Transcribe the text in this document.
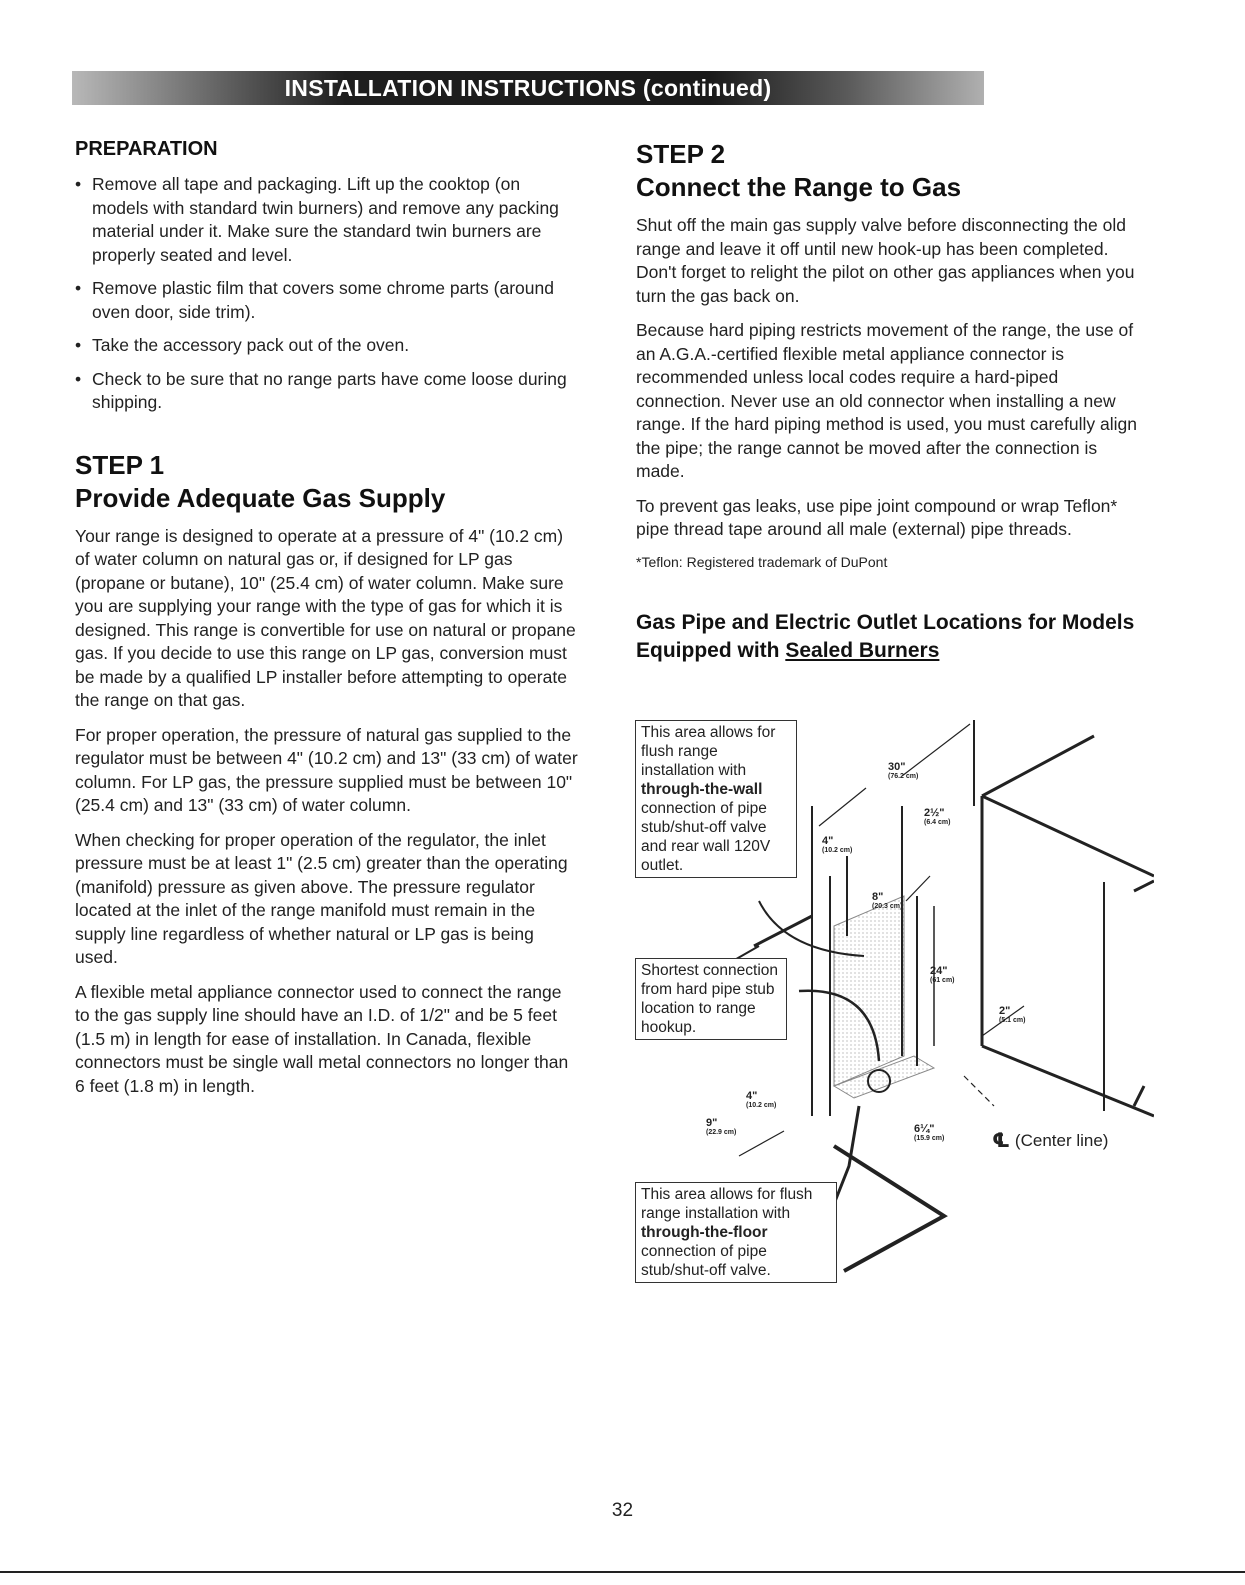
INSTALLATION INSTRUCTIONS (continued)
PREPARATION
• Remove all tape and packaging. Lift up the cooktop (on models with standard twin burners) and remove any packing material under it. Make sure the standard twin burners are properly seated and level.
• Remove plastic film that covers some chrome parts (around oven door, side trim).
• Take the accessory pack out of the oven.
• Check to be sure that no range parts have come loose during shipping.
STEP 1
Provide Adequate Gas Supply

Your range is designed to operate at a pressure of 4" (10.2 cm) of water column on natural gas or, if designed for LP gas (propane or butane), 10" (25.4 cm) of water column. Make sure you are supplying your range with the type of gas for which it is designed. This range is convertible for use on natural or propane gas. If you decide to use this range on LP gas, conversion must be made by a qualified LP installer before attempting to operate the range on that gas.

For proper operation, the pressure of natural gas supplied to the regulator must be between 4" (10.2 cm) and 13" (33 cm) of water column. For LP gas, the pressure supplied must be between 10" (25.4 cm) and 13" (33 cm) of water column.

When checking for proper operation of the regulator, the inlet pressure must be at least 1" (2.5 cm) greater than the operating (manifold) pressure as given above. The pressure regulator located at the inlet of the range manifold must remain in the supply line regardless of whether natural or LP gas is being used.

A flexible metal appliance connector used to connect the range to the gas supply line should have an I.D. of 1/2" and be 5 feet (1.5 m) in length for ease of installation. In Canada, flexible connectors must be single wall metal connectors no longer than 6 feet (1.8 m) in length.

STEP 2
Connect the Range to Gas

Shut off the main gas supply valve before disconnecting the old range and leave it off until new hook-up has been completed. Don't forget to relight the pilot on other gas appliances when you turn the gas back on.

Because hard piping restricts movement of the range, the use of an A.G.A.-certified flexible metal appliance connector is recommended unless local codes require a hard-piped connection. Never use an old connector when installing a new range. If the hard piping method is used, you must carefully align the pipe; the range cannot be moved after the connection is made.

To prevent gas leaks, use pipe joint compound or wrap Teflon* pipe thread tape around all male (external) pipe threads.

*Teflon: Registered trademark of DuPont

Gas Pipe and Electric Outlet Locations for Models Equipped with Sealed Burners
This area allows for flush range installation with through-the-wall connection of pipe stub/shut-off valve and rear wall 120V outlet.
Shortest connection from hard pipe stub location to range hookup.
This area allows for flush range installation with through-the-floor connection of pipe stub/shut-off valve.
30"
(76.2 cm)
2½"
(6.4 cm)
4"
(10.2 cm)
8"
(20.3 cm)
24"
(61 cm)
2"
(5.1 cm)
4"
(10.2 cm)
9"
(22.9 cm)	6¼"
(15.9 cm) ℄ (Center line)
32
